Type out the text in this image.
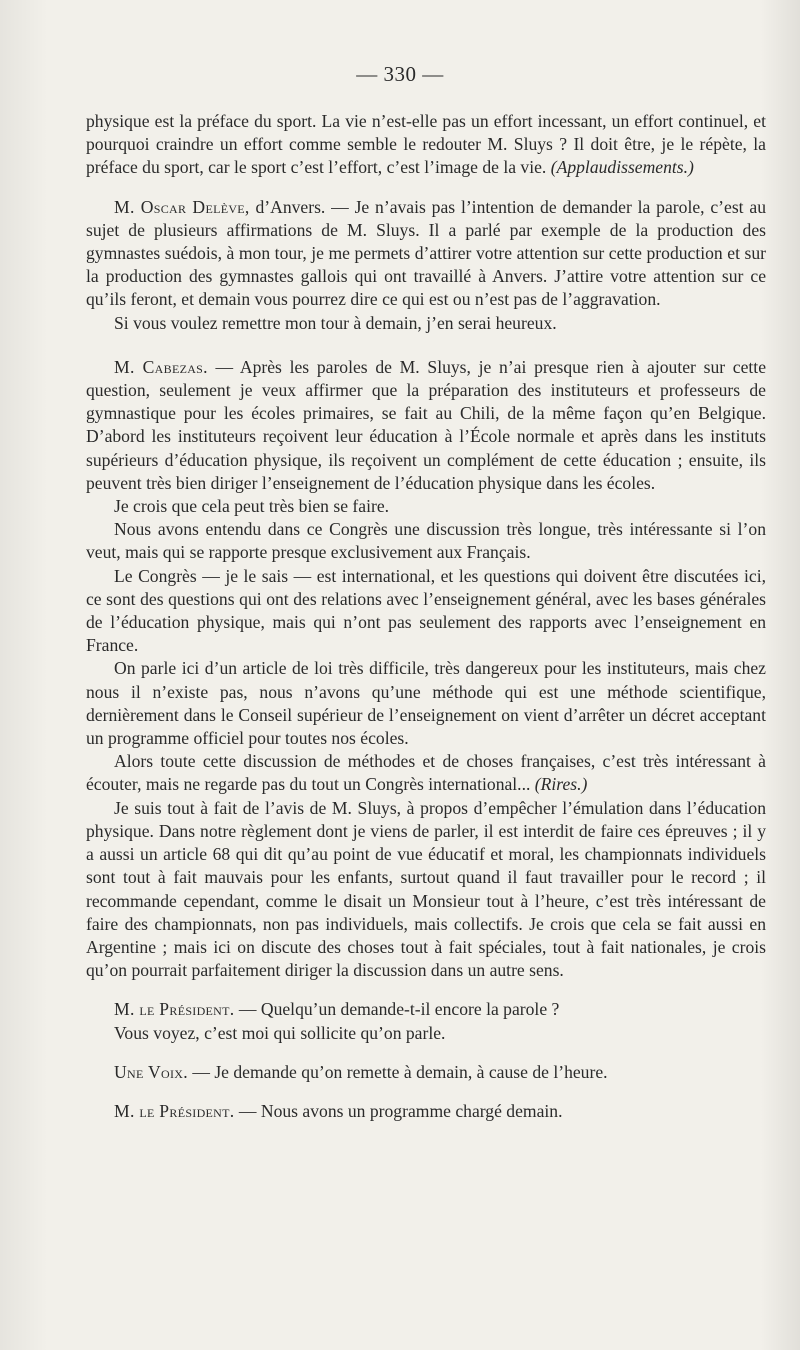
— 330 —

physique est la préface du sport. La vie n’est-elle pas un effort incessant, un effort continuel, et pourquoi craindre un effort comme semble le redouter M. Sluys ? Il doit être, je le répète, la préface du sport, car le sport c’est l’effort, c’est l’image de la vie. (Applaudissements.)

M. Oscar Delève, d’Anvers. — Je n’avais pas l’intention de demander la parole, c’est au sujet de plusieurs affirmations de M. Sluys. Il a parlé par exemple de la production des gymnastes suédois, à mon tour, je me permets d’attirer votre attention sur cette production et sur la production des gymnastes gallois qui ont travaillé à Anvers. J’attire votre attention sur ce qu’ils feront, et demain vous pourrez dire ce qui est ou n’est pas de l’aggravation.

Si vous voulez remettre mon tour à demain, j’en serai heureux.

M. Cabezas. — Après les paroles de M. Sluys, je n’ai presque rien à ajouter sur cette question, seulement je veux affirmer que la préparation des instituteurs et professeurs de gymnastique pour les écoles primaires, se fait au Chili, de la même façon qu’en Belgique. D’abord les instituteurs reçoivent leur éducation à l’École normale et après dans les instituts supérieurs d’éducation physique, ils reçoivent un complément de cette éducation ; ensuite, ils peuvent très bien diriger l’enseignement de l’éducation physique dans les écoles.

Je crois que cela peut très bien se faire.

Nous avons entendu dans ce Congrès une discussion très longue, très intéressante si l’on veut, mais qui se rapporte presque exclusivement aux Français.

Le Congrès — je le sais — est international, et les questions qui doivent être discutées ici, ce sont des questions qui ont des relations avec l’enseignement général, avec les bases générales de l’éducation physique, mais qui n’ont pas seulement des rapports avec l’enseignement en France.

On parle ici d’un article de loi très difficile, très dangereux pour les instituteurs, mais chez nous il n’existe pas, nous n’avons qu’une méthode qui est une méthode scientifique, dernièrement dans le Conseil supérieur de l’enseignement on vient d’arrêter un décret acceptant un programme officiel pour toutes nos écoles.

Alors toute cette discussion de méthodes et de choses françaises, c’est très intéressant à écouter, mais ne regarde pas du tout un Congrès international... (Rires.)

Je suis tout à fait de l’avis de M. Sluys, à propos d’empêcher l’émulation dans l’éducation physique. Dans notre règlement dont je viens de parler, il est interdit de faire ces épreuves ; il y a aussi un article 68 qui dit qu’au point de vue éducatif et moral, les championnats individuels sont tout à fait mauvais pour les enfants, surtout quand il faut travailler pour le record ; il recommande cependant, comme le disait un Monsieur tout à l’heure, c’est très intéressant de faire des championnats, non pas individuels, mais collectifs. Je crois que cela se fait aussi en Argentine ; mais ici on discute des choses tout à fait spéciales, tout à fait nationales, je crois qu’on pourrait parfaitement diriger la discussion dans un autre sens.

M. le Président. — Quelqu’un demande-t-il encore la parole ?

Vous voyez, c’est moi qui sollicite qu’on parle.

Une Voix. — Je demande qu’on remette à demain, à cause de l’heure.

M. le Président. — Nous avons un programme chargé demain.
